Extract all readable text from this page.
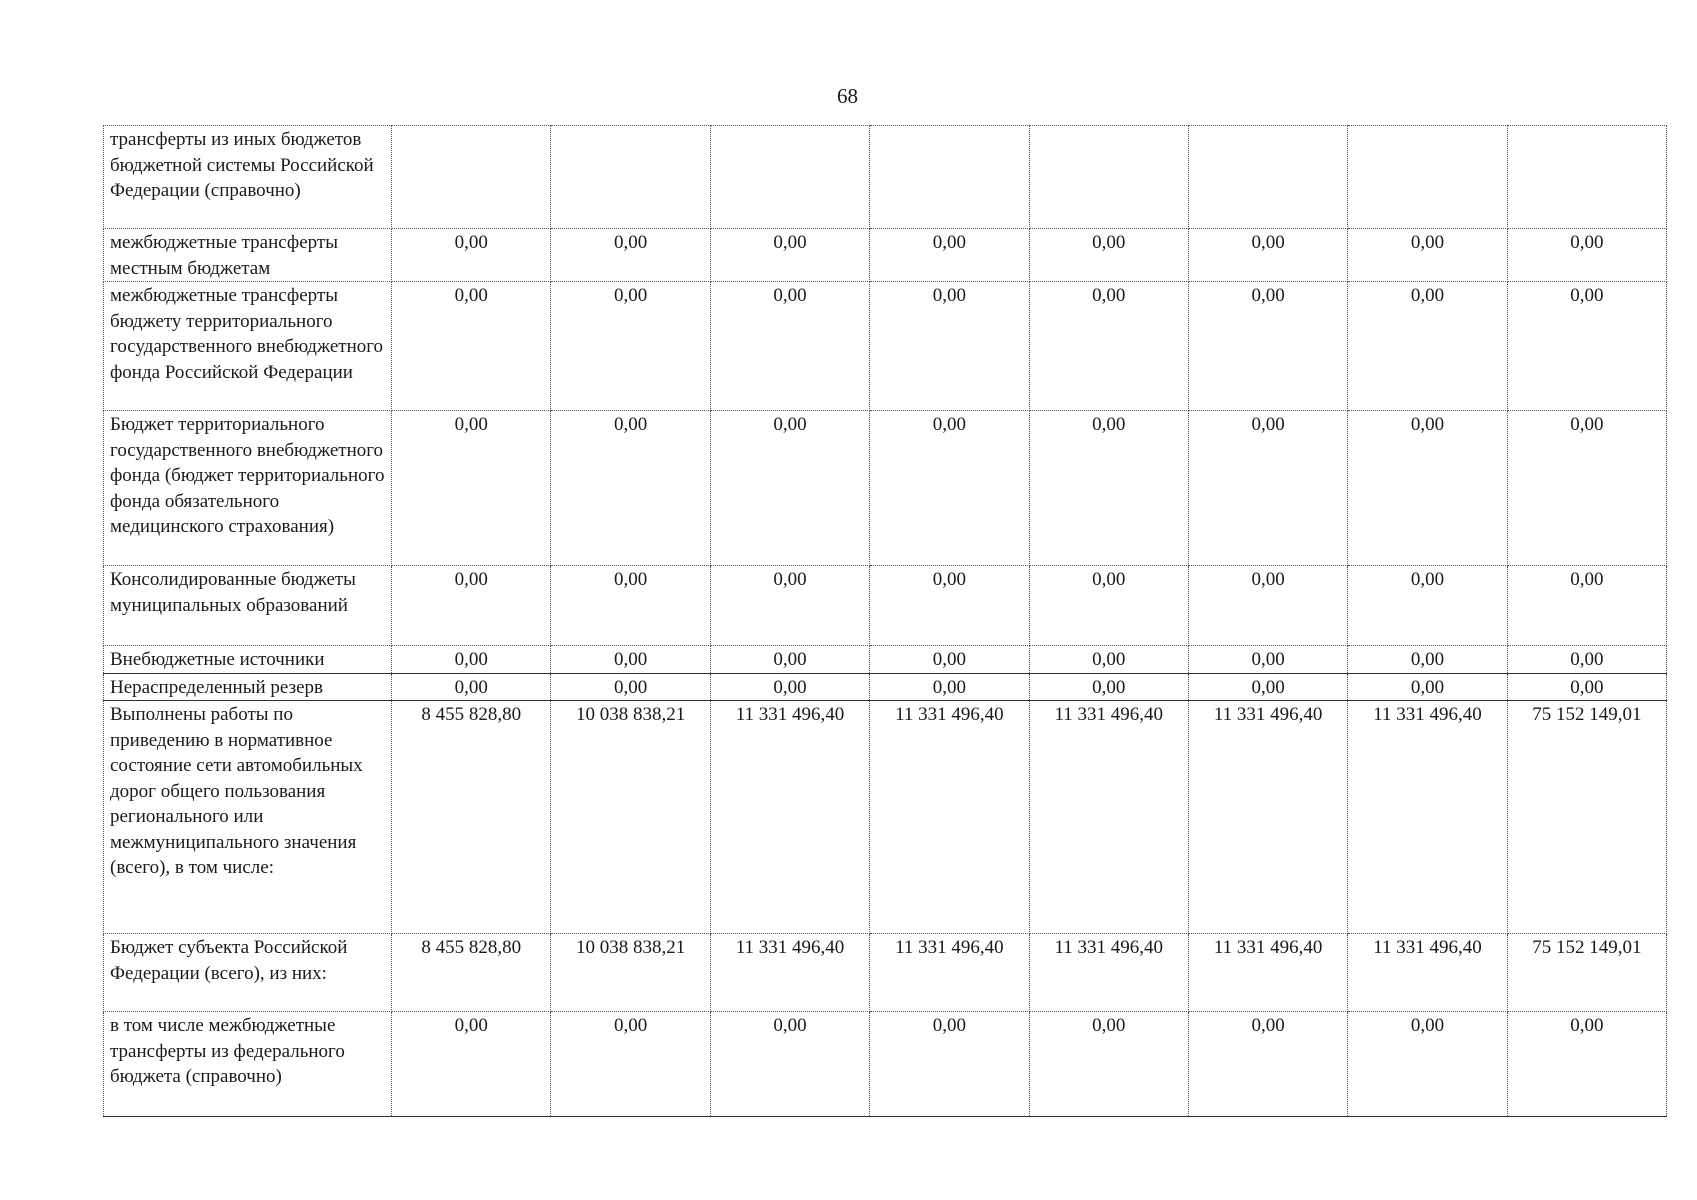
68
трансферты из иных бюджетов бюджетной системы Российской Федерации (справочно)								
межбюджетные трансферты местным бюджетам	0,00	0,00	0,00	0,00	0,00	0,00	0,00	0,00
межбюджетные трансферты бюджету территориального государственного внебюджетного фонда Российской Федерации	0,00	0,00	0,00	0,00	0,00	0,00	0,00	0,00
Бюджет территориального государственного внебюджетного фонда (бюджет территориального фонда обязательного медицинского страхования)	0,00	0,00	0,00	0,00	0,00	0,00	0,00	0,00
Консолидированные бюджеты муниципальных образований	0,00	0,00	0,00	0,00	0,00	0,00	0,00	0,00
Внебюджетные источники	0,00	0,00	0,00	0,00	0,00	0,00	0,00	0,00
Нераспределенный резерв	0,00	0,00	0,00	0,00	0,00	0,00	0,00	0,00
Выполнены работы по приведению в нормативное состояние сети автомобильных дорог общего пользования регионального или межмуниципального значения (всего), в том числе:	8 455 828,80	10 038 838,21	11 331 496,40	11 331 496,40	11 331 496,40	11 331 496,40	11 331 496,40	75 152 149,01
Бюджет субъекта Российской Федерации (всего), из них:	8 455 828,80	10 038 838,21	11 331 496,40	11 331 496,40	11 331 496,40	11 331 496,40	11 331 496,40	75 152 149,01
в том числе межбюджетные трансферты из федерального бюджета (справочно)	0,00	0,00	0,00	0,00	0,00	0,00	0,00	0,00
